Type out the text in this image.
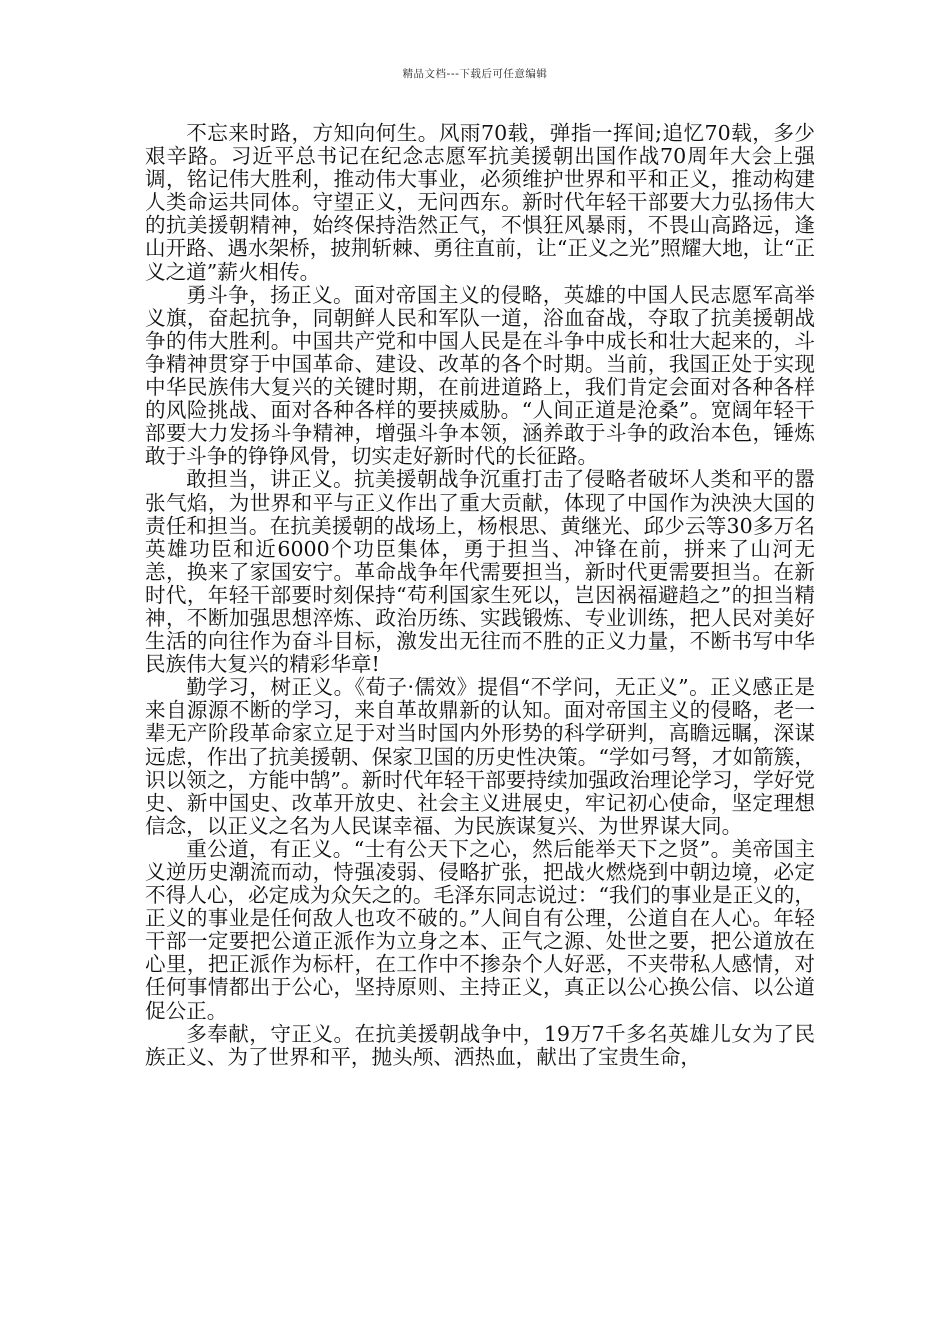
精品文档---下载后可任意编辑

不忘来时路，方知向何生。风雨70载，弹指一挥间;追忆70载，多少艰辛路。习近平总书记在纪念志愿军抗美援朝出国作战70周年大会上强调，铭记伟大胜利，推动伟大事业，必须维护世界和平和正义，推动构建人类命运共同体。守望正义，无问西东。新时代年轻干部要大力弘扬伟大的抗美援朝精神，始终保持浩然正气，不惧狂风暴雨，不畏山高路远，逢山开路、遇水架桥，披荆斩棘、勇往直前，让“正义之光”照耀大地，让“正义之道”薪火相传。

勇斗争，扬正义。面对帝国主义的侵略，英雄的中国人民志愿军高举义旗，奋起抗争，同朝鲜人民和军队一道，浴血奋战，夺取了抗美援朝战争的伟大胜利。中国共产党和中国人民是在斗争中成长和壮大起来的，斗争精神贯穿于中国革命、建设、改革的各个时期。当前，我国正处于实现中华民族伟大复兴的关键时期，在前进道路上，我们肯定会面对各种各样的风险挑战、面对各种各样的要挟威胁。“人间正道是沧桑”。宽阔年轻干部要大力发扬斗争精神，增强斗争本领，涵养敢于斗争的政治本色，锤炼敢于斗争的铮铮风骨，切实走好新时代的长征路。

敢担当，讲正义。抗美援朝战争沉重打击了侵略者破坏人类和平的嚣张气焰，为世界和平与正义作出了重大贡献，体现了中国作为泱泱大国的责任和担当。在抗美援朝的战场上，杨根思、黄继光、邱少云等30多万名英雄功臣和近6000个功臣集体，勇于担当、冲锋在前，拼来了山河无恙，换来了家国安宁。革命战争年代需要担当，新时代更需要担当。在新时代，年轻干部要时刻保持“苟利国家生死以，岂因祸福避趋之”的担当精神，不断加强思想淬炼、政治历练、实践锻炼、专业训练，把人民对美好生活的向往作为奋斗目标，激发出无往而不胜的正义力量，不断书写中华民族伟大复兴的精彩华章!

勤学习，树正义。《荀子·儒效》提倡“不学问，无正义”。正义感正是来自源源不断的学习，来自革故鼎新的认知。面对帝国主义的侵略，老一辈无产阶段革命家立足于对当时国内外形势的科学研判，高瞻远瞩，深谋远虑，作出了抗美援朝、保家卫国的历史性决策。“学如弓弩，才如箭簇，识以领之，方能中鹄”。新时代年轻干部要持续加强政治理论学习，学好党史、新中国史、改革开放史、社会主义进展史，牢记初心使命，坚定理想信念，以正义之名为人民谋幸福、为民族谋复兴、为世界谋大同。

重公道，有正义。“士有公天下之心，然后能举天下之贤”。美帝国主义逆历史潮流而动，恃强凌弱、侵略扩张，把战火燃烧到中朝边境，必定不得人心，必定成为众矢之的。毛泽东同志说过：“我们的事业是正义的，正义的事业是任何敌人也攻不破的。”人间自有公理，公道自在人心。年轻干部一定要把公道正派作为立身之本、正气之源、处世之要，把公道放在心里，把正派作为标杆，在工作中不掺杂个人好恶，不夹带私人感情，对任何事情都出于公心，坚持原则、主持正义，真正以公心换公信、以公道促公正。

多奉献，守正义。在抗美援朝战争中，19万7千多名英雄儿女为了民族正义、为了世界和平，抛头颅、洒热血，献出了宝贵生命，
